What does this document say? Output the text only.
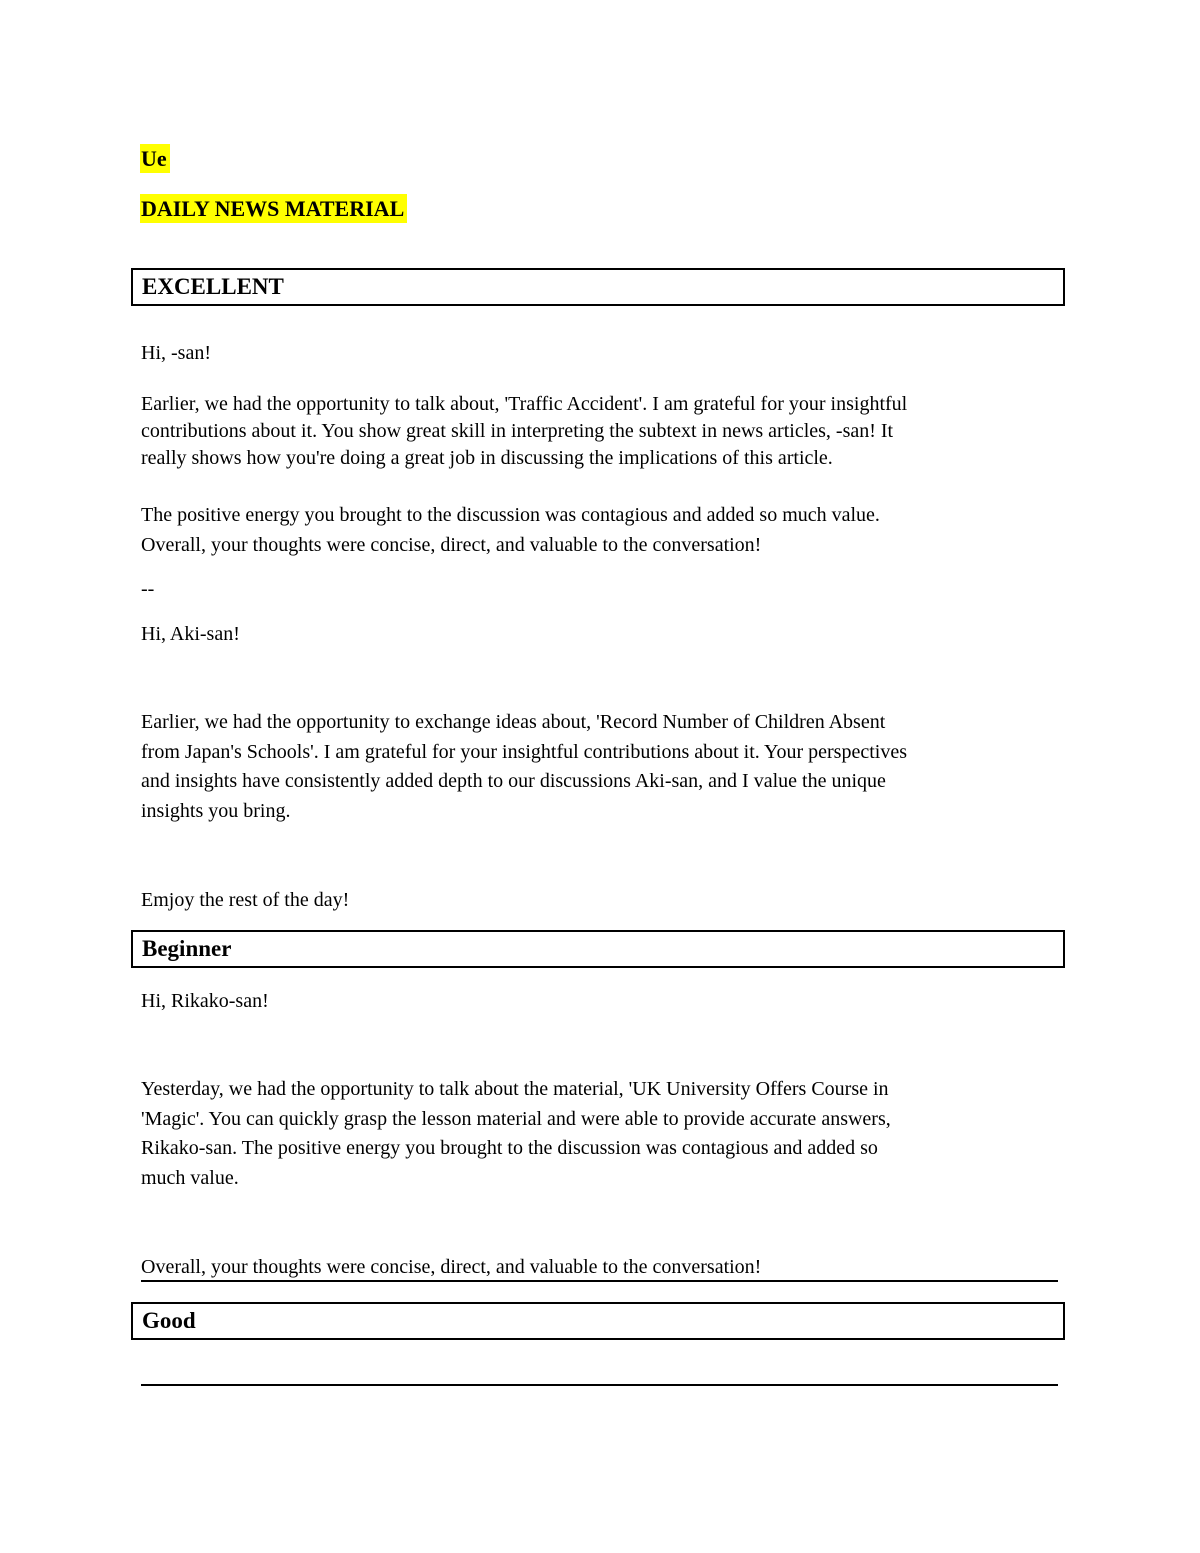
Ue
DAILY NEWS MATERIAL
EXCELLENT
Hi, -san!
Earlier, we had the opportunity to talk about, 'Traffic Accident'. I am grateful for your insightful
contributions about it. You show great skill in interpreting the subtext in news articles, -san! It
really shows how you're doing a great job in discussing the implications of this article.
The positive energy you brought to the discussion was contagious and added so much value.
Overall, your thoughts were concise, direct, and valuable to the conversation!
--
Hi, Aki-san!
Earlier, we had the opportunity to exchange ideas about, 'Record Number of Children Absent
from Japan's Schools'. I am grateful for your insightful contributions about it. Your perspectives
and insights have consistently added depth to our discussions Aki-san, and I value the unique
insights you bring.
Emjoy the rest of the day!
Beginner
Hi, Rikako-san!
Yesterday, we had the opportunity to talk about the material, 'UK University Offers Course in
'Magic'. You can quickly grasp the lesson material and were able to provide accurate answers,
Rikako-san. The positive energy you brought to the discussion was contagious and added so
much value.
Overall, your thoughts were concise, direct, and valuable to the conversation!
Good
